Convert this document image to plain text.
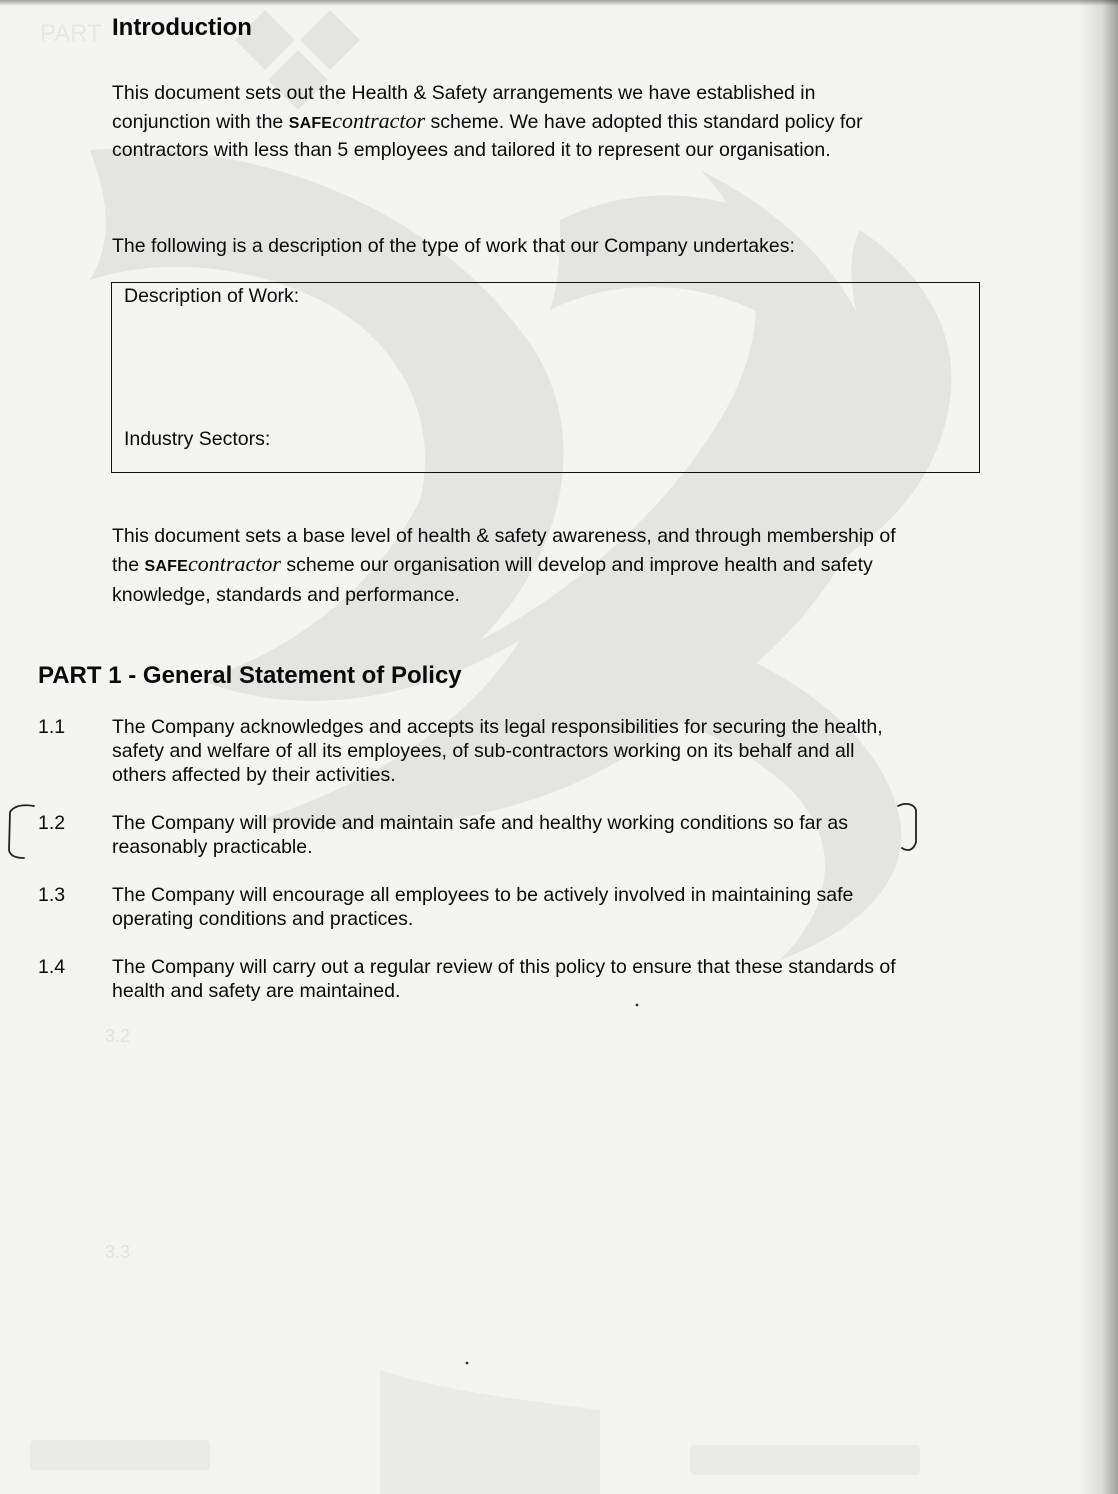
PART
3.2
3.3
Introduction

This document sets out the Health & Safety arrangements we have established in conjunction with the SAFEcontractor scheme. We have adopted this standard policy for contractors with less than 5 employees and tailored it to represent our organisation.

The following is a description of the type of work that our Company undertakes:

Description of Work:
Industry Sectors:

This document sets a base level of health & safety awareness, and through membership of the SAFEcontractor scheme our organisation will develop and improve health and safety knowledge, standards and performance.

PART 1 - General Statement of Policy
1.1	The Company acknowledges and accepts its legal responsibilities for securing the health, safety and welfare of all its employees, of sub-contractors working on its behalf and all others affected by their activities.
1.2	The Company will provide and maintain safe and healthy working conditions so far as reasonably practicable.
1.3	The Company will encourage all employees to be actively involved in maintaining safe operating conditions and practices.
1.4	The Company will carry out a regular review of this policy to ensure that these standards of health and safety are maintained.
